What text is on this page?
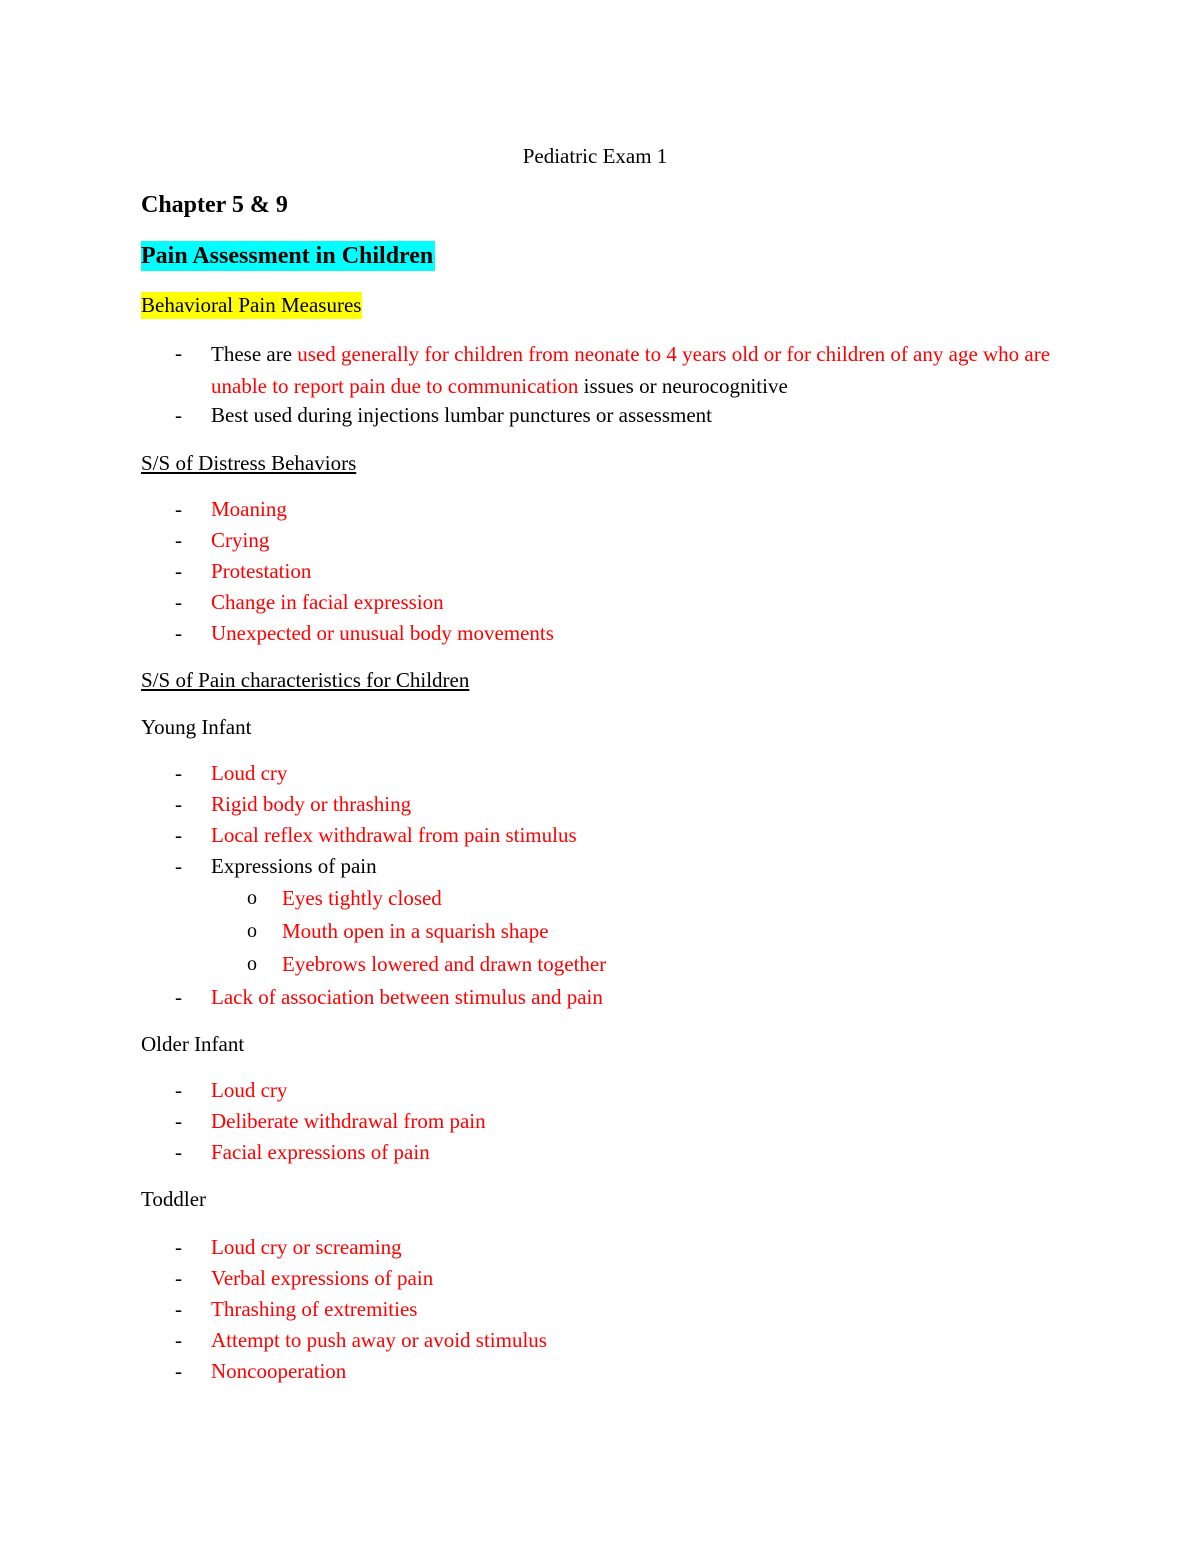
Pediatric Exam 1
Chapter 5 & 9
Pain Assessment in Children
Behavioral Pain Measures
- These are used generally for children from neonate to 4 years old or for children of any age who are unable to report pain due to communication issues or neurocognitive
- Best used during injections lumbar punctures or assessment
S/S of Distress Behaviors
- Moaning
- Crying
- Protestation
- Change in facial expression
- Unexpected or unusual body movements
S/S of Pain characteristics for Children
Young Infant
- Loud cry
- Rigid body or thrashing
- Local reflex withdrawal from pain stimulus
- Expressions of pain
o Eyes tightly closed
o Mouth open in a squarish shape
o Eyebrows lowered and drawn together
- Lack of association between stimulus and pain
Older Infant
- Loud cry
- Deliberate withdrawal from pain
- Facial expressions of pain
Toddler
- Loud cry or screaming
- Verbal expressions of pain
- Thrashing of extremities
- Attempt to push away or avoid stimulus
- Noncooperation
